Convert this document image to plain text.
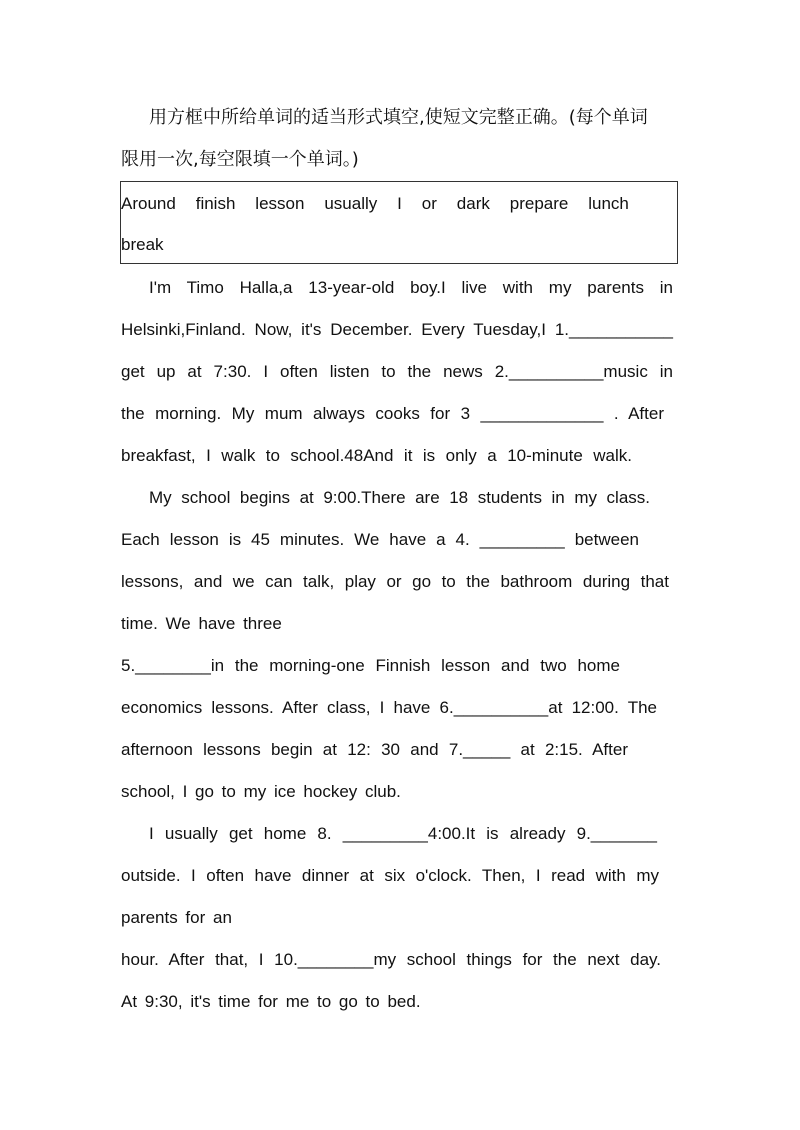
用方框中所给单词的适当形式填空,使短文完整正确。(每个单词
限用一次,每空限填一个单词。)
Around finish lesson usually I or dark prepare lunch
break
I'm Timo Halla,a 13-year-old boy.I live with my parents in
Helsinki,Finland. Now, it's December. Every Tuesday,I 1.___________
get up at 7:30. I often listen to the news 2.__________music in
the morning. My mum always cooks for 3 _____________ . After
breakfast, I walk to school.48And it is only a 10-minute walk.
My school begins at 9:00.There are 18 students in my class.
Each lesson is 45 minutes. We have a 4. _________ between
lessons, and we can talk, play or go to the bathroom during that
time. We have three
5.________in the morning-one Finnish lesson and two home
economics lessons. After class, I have 6.__________at 12:00. The
afternoon lessons begin at 12: 30 and 7._____ at 2:15. After
school, I go to my ice hockey club.
I usually get home 8. _________4:00.It is already 9._______
outside. I often have dinner at six o'clock. Then, I read with my
parents for an
hour. After that, I 10.________my school things for the next day.
At 9:30, it's time for me to go to bed.
